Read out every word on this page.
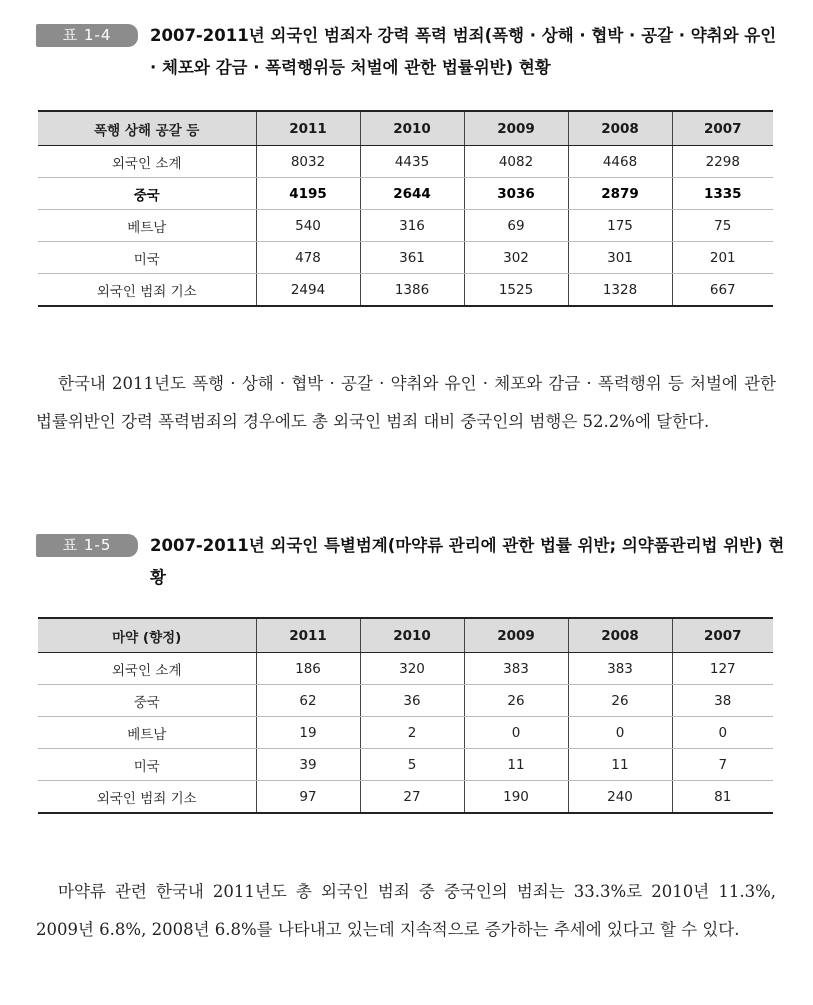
표 1-4	2007-2011년 외국인 범죄자 강력 폭력 범죄(폭행 · 상해 · 협박 · 공갈 · 약취와 유인 · 체포와 감금 · 폭력행위등 처벌에 관한 법률위반) 현황
폭행 상해 공갈 등	2011	2010	2009	2008	2007
외국인 소계	8032	4435	4082	4468	2298
중국	4195	2644	3036	2879	1335
베트남	540	316	69	175	75
미국	478	361	302	301	201
외국인 범죄 기소	2494	1386	1525	1328	667

한국내 2011년도 폭행 · 상해 · 협박 · 공갈 · 약취와 유인 · 체포와 감금 · 폭력행위 등 처벌에 관한 법률위반인 강력 폭력범죄의 경우에도 총 외국인 범죄 대비 중국인의 범행은 52.2%에 달한다.

표 1-5	2007-2011년 외국인 특별범계(마약류 관리에 관한 법률 위반; 의약품관리법 위반) 현황
마약 (향정)	2011	2010	2009	2008	2007
외국인 소계	186	320	383	383	127
중국	62	36	26	26	38
베트남	19	2	0	0	0
미국	39	5	11	11	7
외국인 범죄 기소	97	27	190	240	81

마약류 관련 한국내 2011년도 총 외국인 범죄 중 중국인의 범죄는 33.3%로 2010년 11.3%, 2009년 6.8%, 2008년 6.8%를 나타내고 있는데 지속적으로 증가하는 추세에 있다고 할 수 있다.
